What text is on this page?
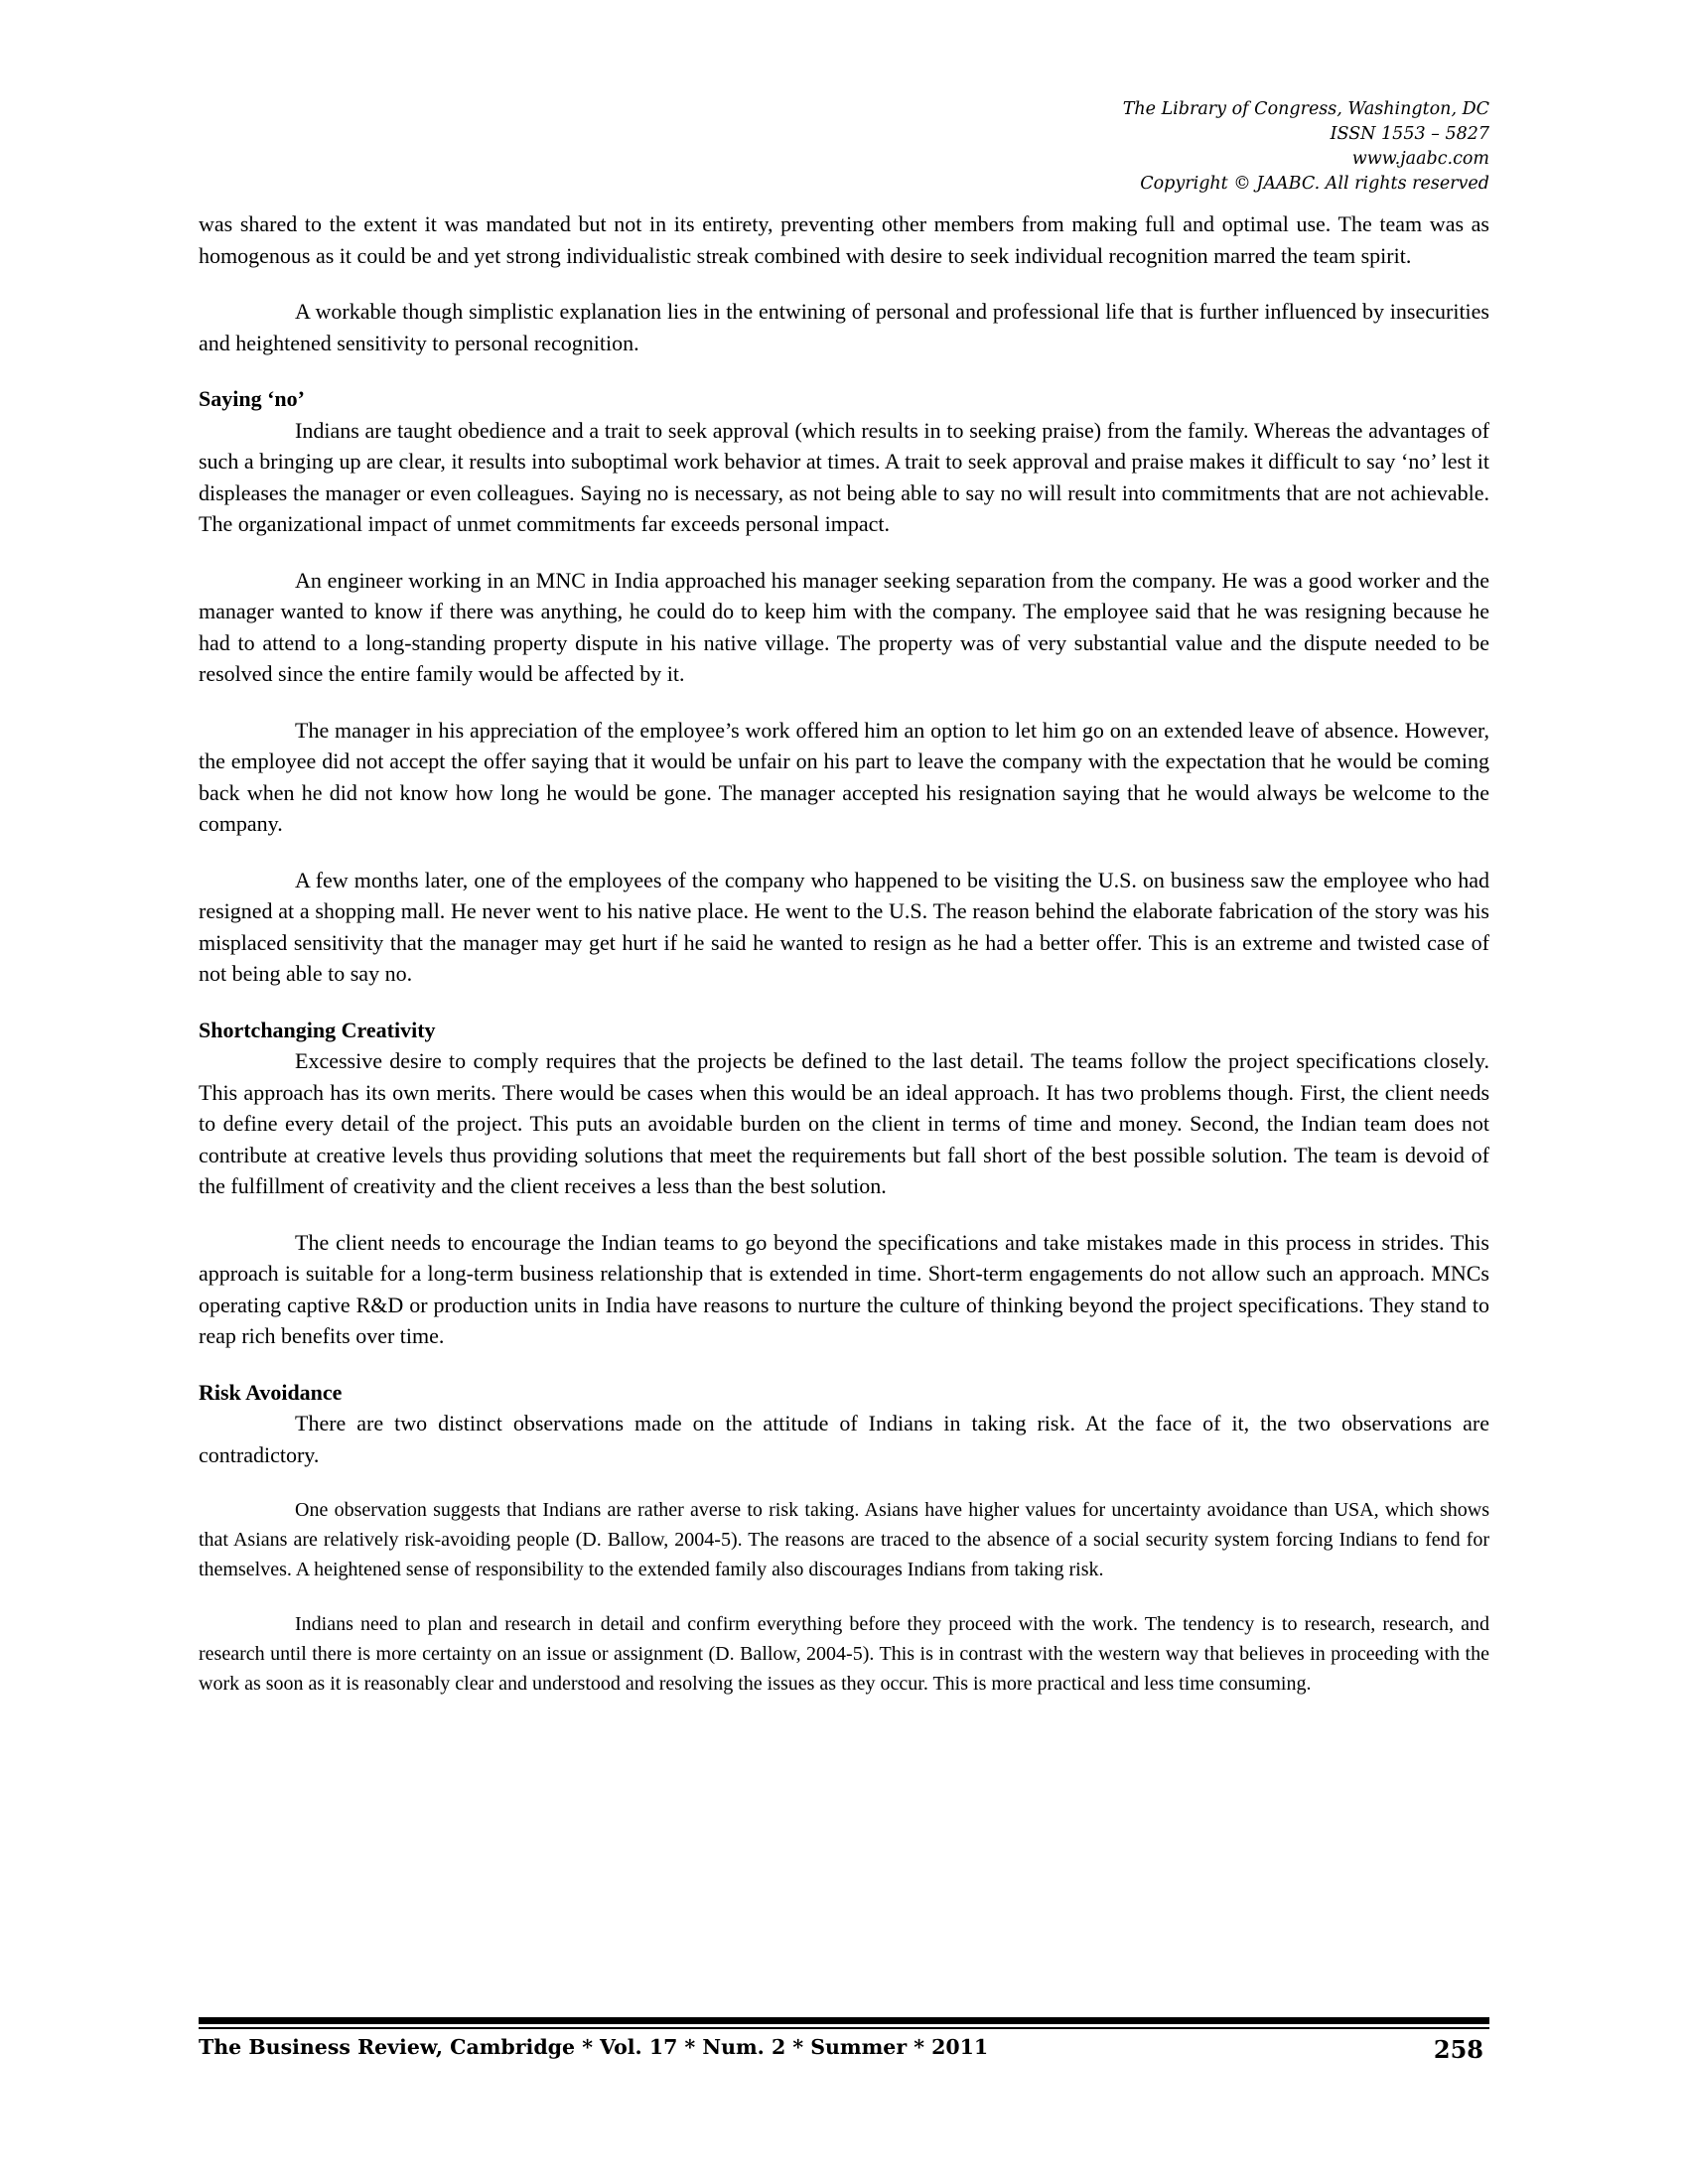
The Library of Congress, Washington, DC
ISSN 1553 – 5827
www.jaabc.com
Copyright © JAABC. All rights reserved

was shared to the extent it was mandated but not in its entirety, preventing other members from making full and optimal use. The team was as homogenous as it could be and yet strong individualistic streak combined with desire to seek individual recognition marred the team spirit.

A workable though simplistic explanation lies in the entwining of personal and professional life that is further influenced by insecurities and heightened sensitivity to personal recognition.

Saying ‘no’

Indians are taught obedience and a trait to seek approval (which results in to seeking praise) from the family. Whereas the advantages of such a bringing up are clear, it results into suboptimal work behavior at times. A trait to seek approval and praise makes it difficult to say ‘no’ lest it displeases the manager or even colleagues. Saying no is necessary, as not being able to say no will result into commitments that are not achievable. The organizational impact of unmet commitments far exceeds personal impact.

An engineer working in an MNC in India approached his manager seeking separation from the company. He was a good worker and the manager wanted to know if there was anything, he could do to keep him with the company. The employee said that he was resigning because he had to attend to a long-standing property dispute in his native village. The property was of very substantial value and the dispute needed to be resolved since the entire family would be affected by it.

The manager in his appreciation of the employee’s work offered him an option to let him go on an extended leave of absence. However, the employee did not accept the offer saying that it would be unfair on his part to leave the company with the expectation that he would be coming back when he did not know how long he would be gone. The manager accepted his resignation saying that he would always be welcome to the company.

A few months later, one of the employees of the company who happened to be visiting the U.S. on business saw the employee who had resigned at a shopping mall. He never went to his native place. He went to the U.S. The reason behind the elaborate fabrication of the story was his misplaced sensitivity that the manager may get hurt if he said he wanted to resign as he had a better offer. This is an extreme and twisted case of not being able to say no.

Shortchanging Creativity

Excessive desire to comply requires that the projects be defined to the last detail. The teams follow the project specifications closely. This approach has its own merits. There would be cases when this would be an ideal approach. It has two problems though. First, the client needs to define every detail of the project. This puts an avoidable burden on the client in terms of time and money. Second, the Indian team does not contribute at creative levels thus providing solutions that meet the requirements but fall short of the best possible solution. The team is devoid of the fulfillment of creativity and the client receives a less than the best solution.

The client needs to encourage the Indian teams to go beyond the specifications and take mistakes made in this process in strides. This approach is suitable for a long-term business relationship that is extended in time. Short-term engagements do not allow such an approach. MNCs operating captive R&D or production units in India have reasons to nurture the culture of thinking beyond the project specifications. They stand to reap rich benefits over time.

Risk Avoidance

There are two distinct observations made on the attitude of Indians in taking risk. At the face of it, the two observations are contradictory.

One observation suggests that Indians are rather averse to risk taking. Asians have higher values for uncertainty avoidance than USA, which shows that Asians are relatively risk-avoiding people (D. Ballow, 2004-5). The reasons are traced to the absence of a social security system forcing Indians to fend for themselves. A heightened sense of responsibility to the extended family also discourages Indians from taking risk.

Indians need to plan and research in detail and confirm everything before they proceed with the work. The tendency is to research, research, and research until there is more certainty on an issue or assignment (D. Ballow, 2004-5). This is in contrast with the western way that believes in proceeding with the work as soon as it is reasonably clear and understood and resolving the issues as they occur. This is more practical and less time consuming.

The Business Review, Cambridge * Vol. 17 * Num. 2 * Summer * 2011	258
